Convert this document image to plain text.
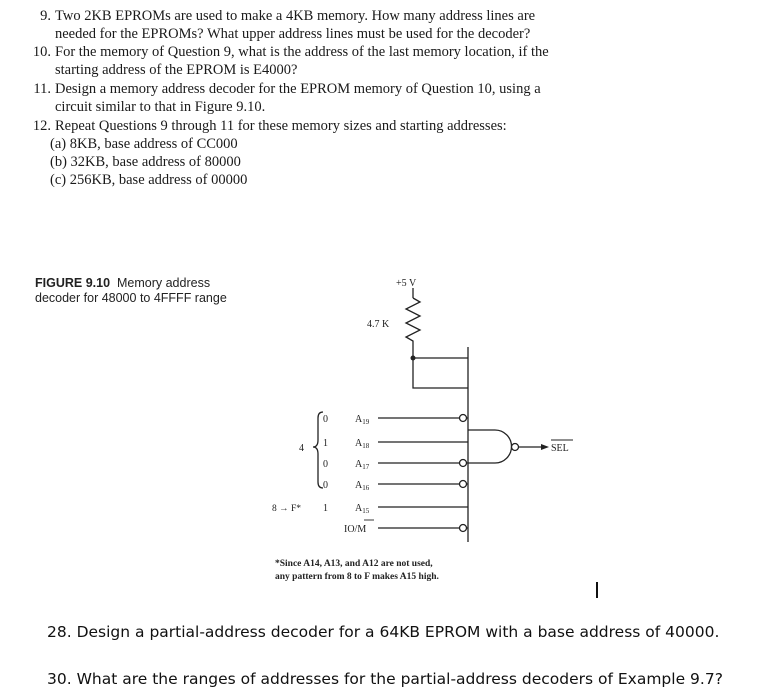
9. Two 2KB EPROMs are used to make a 4KB memory. How many address lines are
needed for the EPROMs? What upper address lines must be used for the decoder?
10. For the memory of Question 9, what is the address of the last memory location, if the
starting address of the EPROM is E4000?
11. Design a memory address decoder for the EPROM memory of Question 10, using a
circuit similar to that in Figure 9.10.
12. Repeat Questions 9 through 11 for these memory sizes and starting addresses:
(a) 8KB, base address of CC000
(b) 32KB, base address of 80000
(c) 256KB, base address of 00000
FIGURE 9.10 Memory address
decoder for 48000 to 4FFFF range
+5 V
4.7 K
4
8 → F*
0
1
0
0
1
$A_{19}$
$A_{18}$
$A_{17}$
$A_{16}$
$A_{15}$
IO/M
SEL
*Since A14, A13, and A12 are not used,
any pattern from 8 to F makes A15 high.
28. Design a partial-address decoder for a 64KB EPROM with a base address of 40000.
30. What are the ranges of addresses for the partial-address decoders of Example 9.7?
